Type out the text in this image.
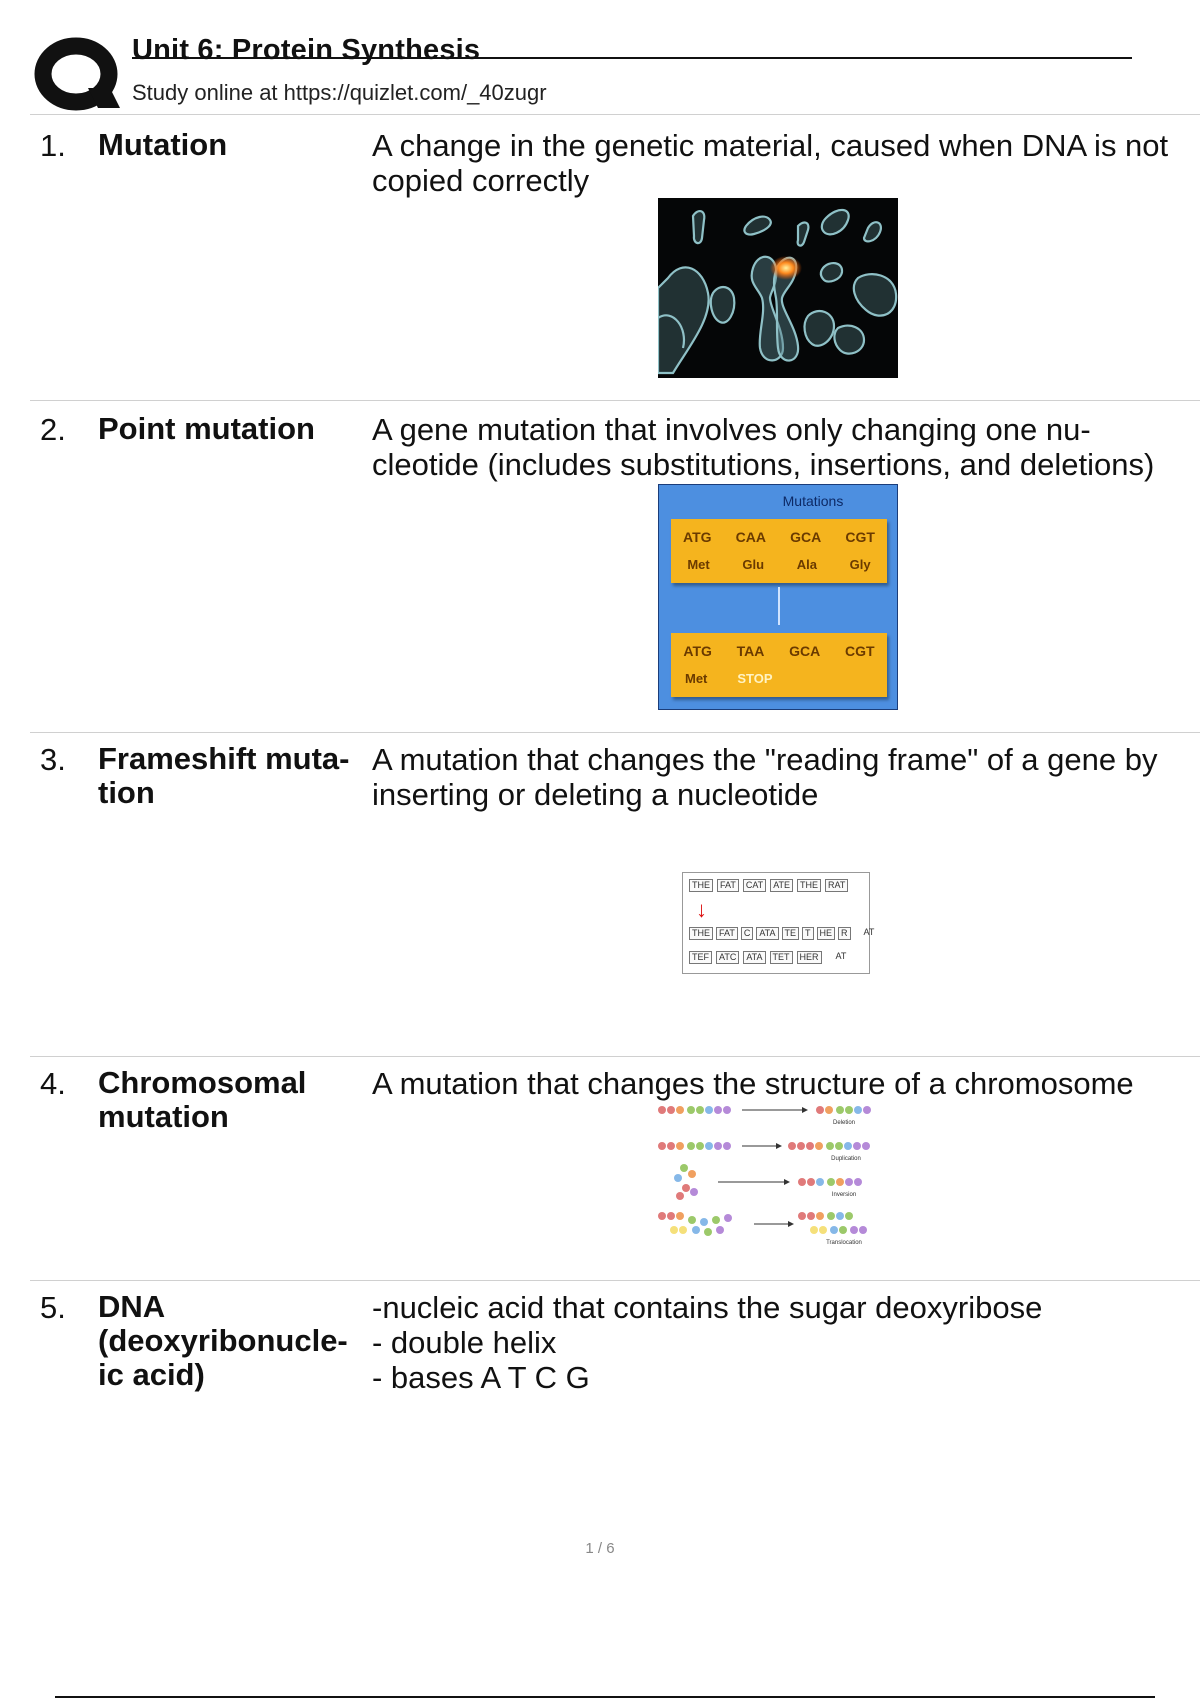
Unit 6: Protein Synthesis
Study online at https://quizlet.com/_40zugr
1. Mutation	A change in the genetic material, caused when DNA is not
copied correctly
2. Point mutation	A gene mutation that involves only changing one nu-
cleotide (includes substitutions, insertions, and deletions)
Mutations
ATG CAA GCA CGT
Met	Glu	Ala	Gly
ATG TAA GCA CGT
Met STOP
3. Frameshift muta-
tion
A mutation that changes the "reading frame" of a gene by
inserting or deleting a nucleotide
THE	FAT	CAT	ATE	THE	RAT
↓
THE	FAT	C	ATA	TE	T	HE	R	AT
TEF	ATC	ATA	TET	HER	AT
4. Chromosomal
mutation
A mutation that changes the structure of a chromosome
Deletion
Duplication
Inversion
Translocation
5. DNA
(deoxyribonucle-
ic acid)
-nucleic acid that contains the sugar deoxyribose
- double helix
- bases A T C G
1 / 6
